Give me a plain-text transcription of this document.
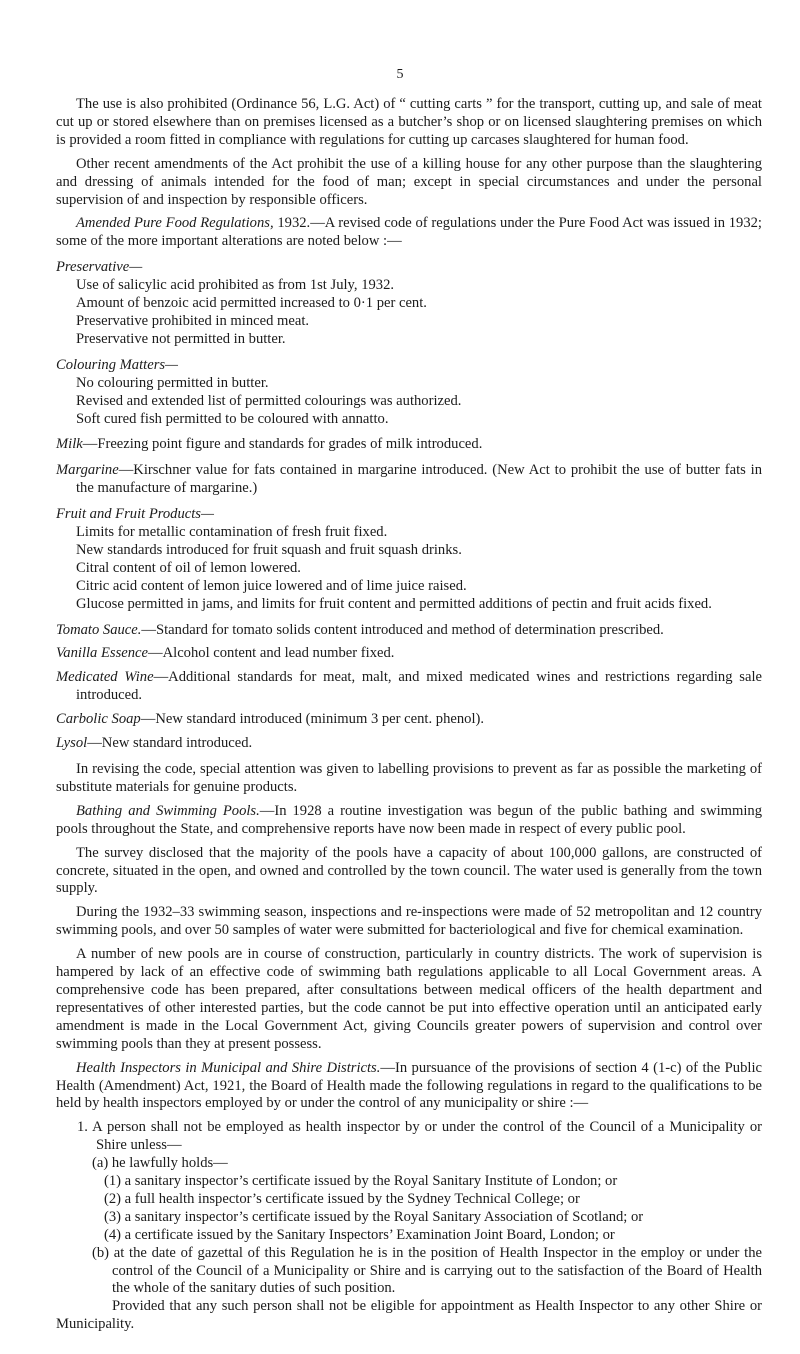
5

The use is also prohibited (Ordinance 56, L.G. Act) of “ cutting carts ” for the transport, cutting up, and sale of meat cut up or stored elsewhere than on premises licensed as a butcher’s shop or on licensed slaughtering premises on which is provided a room fitted in compliance with regulations for cutting up carcases slaughtered for human food.

Other recent amendments of the Act prohibit the use of a killing house for any other purpose than the slaughtering and dressing of animals intended for the food of man; except in special circumstances and under the personal supervision of and inspection by responsible officers.

Amended Pure Food Regulations, 1932.—A revised code of regulations under the Pure Food Act was issued in 1932; some of the more important alterations are noted below :—

Preservative—

Use of salicylic acid prohibited as from 1st July, 1932.

Amount of benzoic acid permitted increased to 0·1 per cent.

Preservative prohibited in minced meat.

Preservative not permitted in butter.

Colouring Matters—

No colouring permitted in butter.

Revised and extended list of permitted colourings was authorized.

Soft cured fish permitted to be coloured with annatto.

Milk—Freezing point figure and standards for grades of milk introduced.

Margarine—Kirschner value for fats contained in margarine introduced. (New Act to prohibit the use of butter fats in the manufacture of margarine.)

Fruit and Fruit Products—

Limits for metallic contamination of fresh fruit fixed.

New standards introduced for fruit squash and fruit squash drinks.

Citral content of oil of lemon lowered.

Citric acid content of lemon juice lowered and of lime juice raised.

Glucose permitted in jams, and limits for fruit content and permitted additions of pectin and fruit acids fixed.

Tomato Sauce.—Standard for tomato solids content introduced and method of determination prescribed.

Vanilla Essence—Alcohol content and lead number fixed.

Medicated Wine—Additional standards for meat, malt, and mixed medicated wines and restrictions regarding sale introduced.

Carbolic Soap—New standard introduced (minimum 3 per cent. phenol).

Lysol—New standard introduced.

In revising the code, special attention was given to labelling provisions to prevent as far as possible the marketing of substitute materials for genuine products.

Bathing and Swimming Pools.—In 1928 a routine investigation was begun of the public bathing and swimming pools throughout the State, and comprehensive reports have now been made in respect of every public pool.

The survey disclosed that the majority of the pools have a capacity of about 100,000 gallons, are constructed of concrete, situated in the open, and owned and controlled by the town council. The water used is generally from the town supply.

During the 1932–33 swimming season, inspections and re-inspections were made of 52 metropolitan and 12 country swimming pools, and over 50 samples of water were submitted for bacteriological and five for chemical examination.

A number of new pools are in course of construction, particularly in country districts. The work of supervision is hampered by lack of an effective code of swimming bath regulations applicable to all Local Government areas. A comprehensive code has been prepared, after consultations between medical officers of the health department and representatives of other interested parties, but the code cannot be put into effective operation until an anticipated early amendment is made in the Local Government Act, giving Councils greater powers of supervision and control over swimming pools than they at present possess.

Health Inspectors in Municipal and Shire Districts.—In pursuance of the provisions of section 4 (1-c) of the Public Health (Amendment) Act, 1921, the Board of Health made the following regulations in regard to the qualifications to be held by health inspectors employed by or under the control of any municipality or shire :—

1. A person shall not be employed as health inspector by or under the control of the Council of a Municipality or Shire unless—

(a) he lawfully holds—

(1) a sanitary inspector’s certificate issued by the Royal Sanitary Institute of London; or

(2) a full health inspector’s certificate issued by the Sydney Technical College; or

(3) a sanitary inspector’s certificate issued by the Royal Sanitary Association of Scotland; or

(4) a certificate issued by the Sanitary Inspectors’ Examination Joint Board, London; or

(b) at the date of gazettal of this Regulation he is in the position of Health Inspector in the employ or under the control of the Council of a Municipality or Shire and is carrying out to the satisfaction of the Board of Health the whole of the sanitary duties of such position.

Provided that any such person shall not be eligible for appointment as Health Inspector to any other Shire or Municipality.
